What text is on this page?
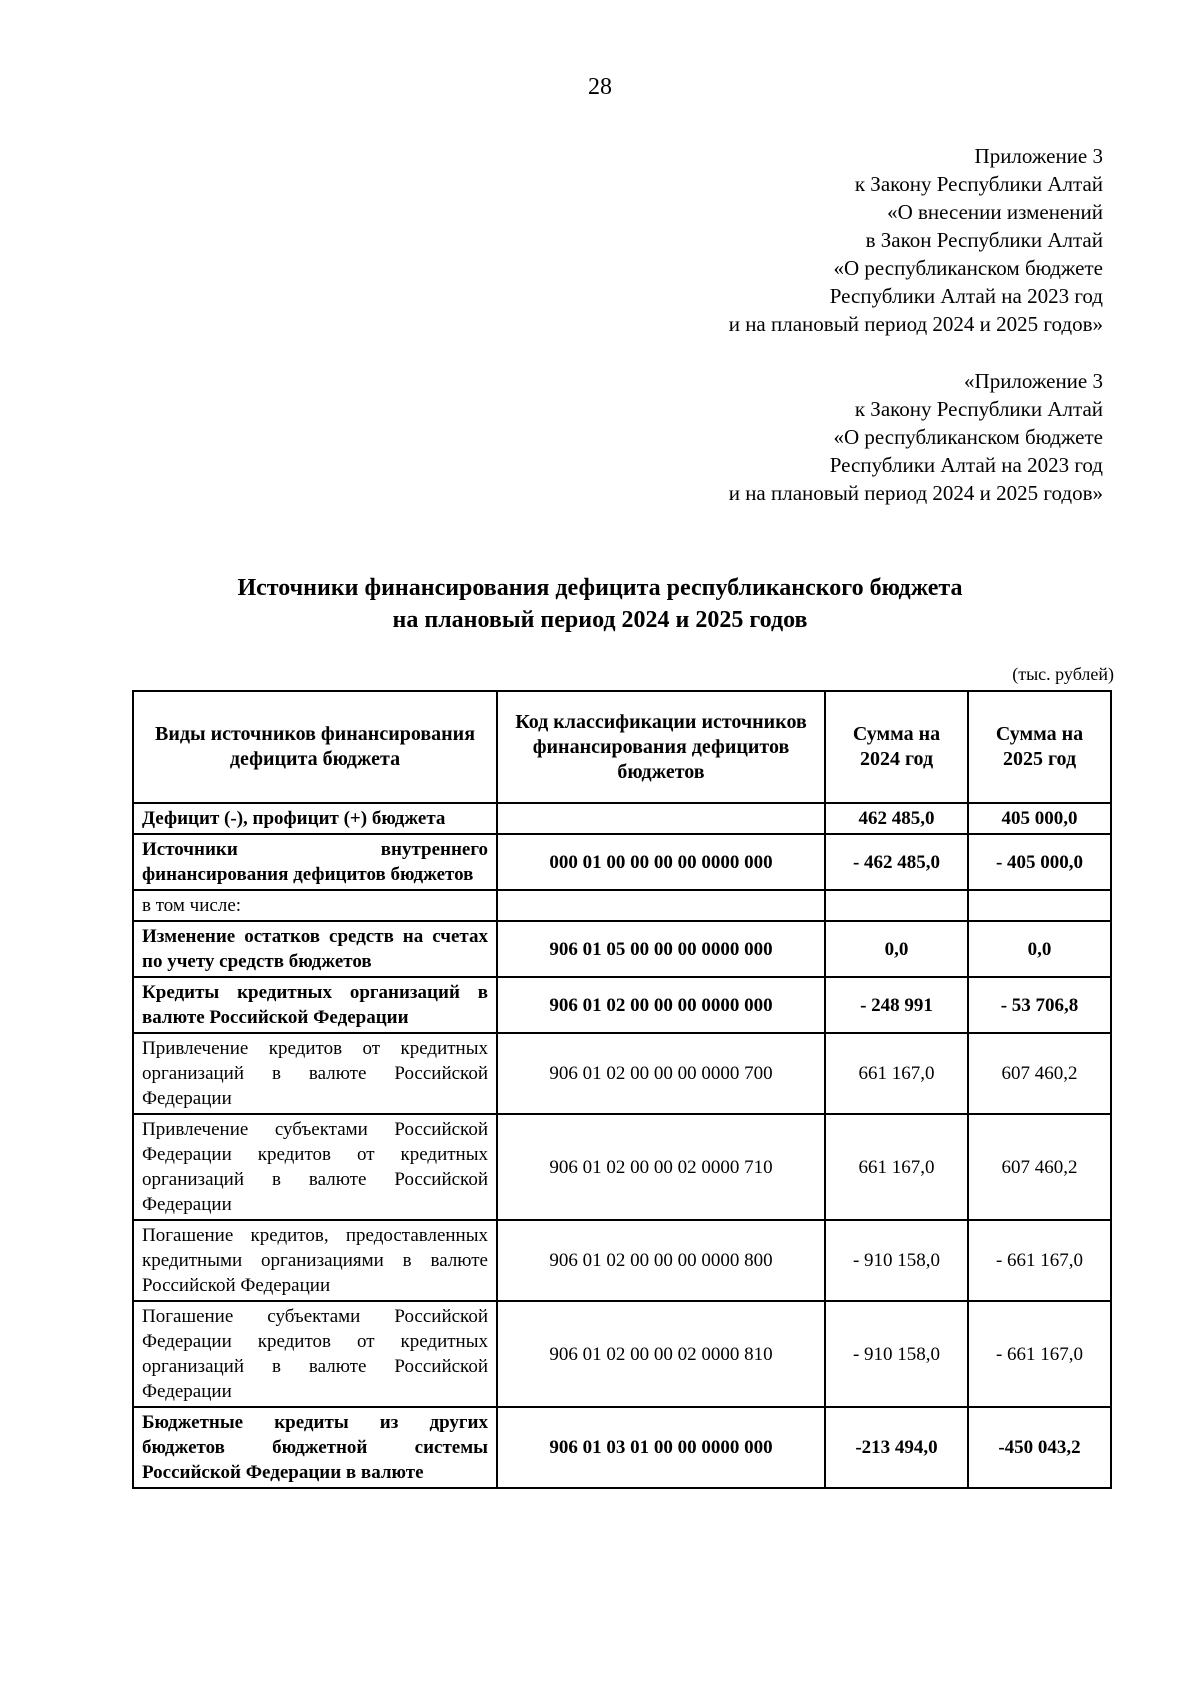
28
Приложение 3
к Закону Республики Алтай
«О внесении изменений
в Закон Республики Алтай
«О республиканском бюджете
Республики Алтай на 2023 год
и на плановый период 2024 и 2025 годов»
«Приложение 3
к Закону Республики Алтай
«О республиканском бюджете
Республики Алтай на 2023 год
и на плановый период 2024 и 2025 годов»
Источники финансирования дефицита республиканского бюджета
на плановый период 2024 и 2025 годов
(тыс. рублей)
Виды источников финансирования дефицита бюджета	Код классификации источников финансирования дефицитов бюджетов	Сумма на 2024 год	Сумма на 2025 год
Дефицит (-), профицит (+) бюджета		462 485,0	405 000,0
Источники внутреннего финансирования дефицитов бюджетов	000 01 00 00 00 00 0000 000	- 462 485,0	- 405 000,0
в том числе:			
Изменение остатков средств на счетах по учету средств бюджетов	906 01 05 00 00 00 0000 000	0,0	0,0
Кредиты кредитных организаций в валюте Российской Федерации	906 01 02 00 00 00 0000 000	- 248 991	- 53 706,8
Привлечение кредитов от кредитных организаций в валюте Российской Федерации	906 01 02 00 00 00 0000 700	661 167,0	607 460,2
Привлечение субъектами Российской Федерации кредитов от кредитных организаций в валюте Российской Федерации	906 01 02 00 00 02 0000 710	661 167,0	607 460,2
Погашение кредитов, предоставленных кредитными организациями в валюте Российской Федерации	906 01 02 00 00 00 0000 800	- 910 158,0	- 661 167,0
Погашение субъектами Российской Федерации кредитов от кредитных организаций в валюте Российской Федерации	906 01 02 00 00 02 0000 810	- 910 158,0	- 661 167,0
Бюджетные кредиты из других бюджетов бюджетной системы Российской Федерации в валюте	906 01 03 01 00 00 0000 000	-213 494,0	-450 043,2
